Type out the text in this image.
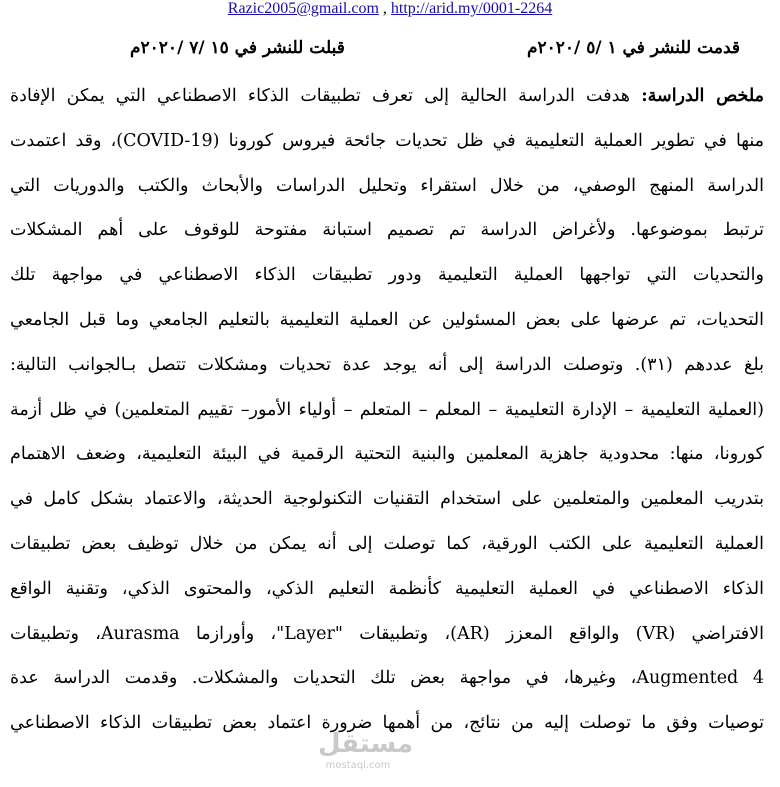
Razic2005@gmail.com , http://arid.my/0001-2264
قدمت للنشر في ١ /٥ /٢٠٢٠م
قبلت للنشر في ١٥ /٧ /٢٠٢٠م
ملخص الدراسة: هدفت الدراسة الحالية إلى تعرف تطبيقات الذكاء الاصطناعي التي يمكن الإفادة
منها في تطوير العملية التعليمية في ظل تحديات جائحة فيروس كورونا (COVID-19)، وقد اعتمدت
الدراسة المنهج الوصفي، من خلال استقراء وتحليل الدراسات والأبحاث والكتب والدوريات التي
ترتبط بموضوعها. ولأغراض الدراسة تم تصميم استبانة مفتوحة للوقوف على أهم المشكلات
والتحديات التي تواجهها العملية التعليمية ودور تطبيقات الذكاء الاصطناعي في مواجهة تلك
التحديات، تم عرضها على بعض المسئولين عن العملية التعليمية بالتعليم الجامعي وما قبل الجامعي
بلغ عددهم (٣١). وتوصلت الدراسة إلى أنه يوجد عدة تحديات ومشكلات تتصل بـالجوانب التالية:
(العملية التعليمية – الإدارة التعليمية – المعلم – المتعلم – أولياء الأمور– تقييم المتعلمين) في ظل أزمة
كورونا، منها: محدودية جاهزية المعلمين والبنية التحتية الرقمية في البيئة التعليمية، وضعف الاهتمام
بتدريب المعلمين والمتعلمين على استخدام التقنيات التكنولوجية الحديثة، والاعتماد بشكل كامل في
العملية التعليمية على الكتب الورقية، كما توصلت إلى أنه يمكن من خلال توظيف بعض تطبيقات
الذكاء الاصطناعي في العملية التعليمية كأنظمة التعليم الذكي، والمحتوى الذكي، وتقنية الواقع
الافتراضي (VR) والواقع المعزز (AR)، وتطبيقات "Layer"، وأورازما Aurasma، وتطبيقات
Augmented 4، وغيرها، في مواجهة بعض تلك التحديات والمشكلات. وقدمت الدراسة عدة
توصيات وفق ما توصلت إليه من نتائج، من أهمها ضرورة اعتماد بعض تطبيقات الذكاء الاصطناعي
مستقل
mostaql.com
